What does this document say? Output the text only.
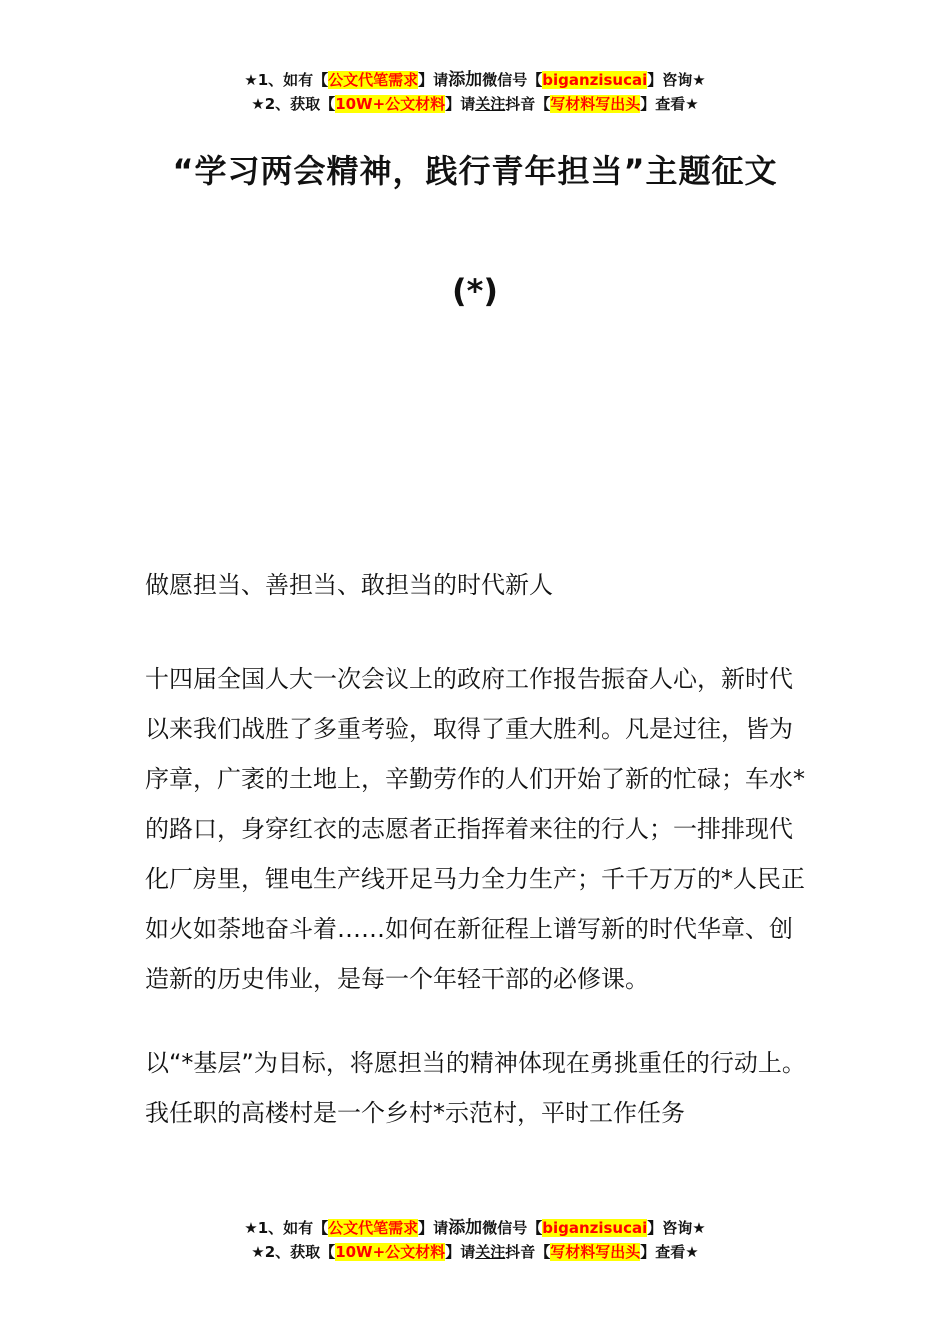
★1、如有【公文代笔需求】请添加微信号【biganzisucai】咨询★
★2、获取【10W+公文材料】请关注抖音【写材料写出头】查看★
“学习两会精神，践行青年担当”主题征文
(*)

做愿担当、善担当、敢担当的时代新人

十四届全国人大一次会议上的政府工作报告振奋人心，新时代以来我们战胜了多重考验，取得了重大胜利。凡是过往，皆为序章，广袤的土地上，辛勤劳作的人们开始了新的忙碌；车水*的路口，身穿红衣的志愿者正指挥着来往的行人；一排排现代化厂房里，锂电生产线开足马力全力生产；千千万万的*人民正如火如荼地奋斗着……如何在新征程上谱写新的时代华章、创造新的历史伟业，是每一个年轻干部的必修课。

以“*基层”为目标，将愿担当的精神体现在勇挑重任的行动上。我任职的高楼村是一个乡村*示范村，平时工作任务

★1、如有【公文代笔需求】请添加微信号【biganzisucai】咨询★
★2、获取【10W+公文材料】请关注抖音【写材料写出头】查看★
